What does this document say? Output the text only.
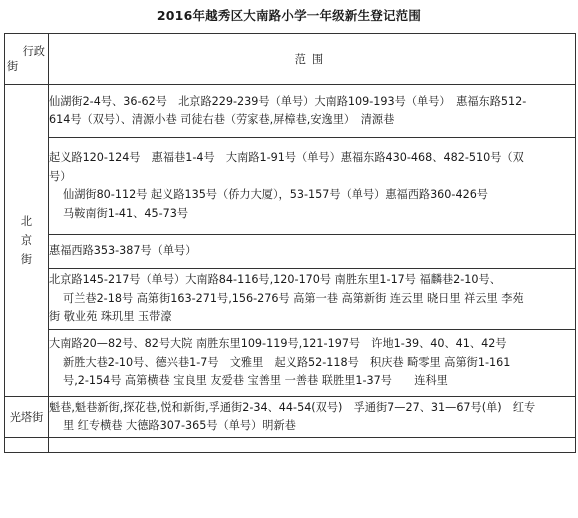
2016年越秀区大南路小学一年级新生登记范围
行政
街	范围

北
京
街	仙湖街2-4号、36-62号　北京路229-239号（单号）大南路109-193号（单号）　惠福东路512-
614号（双号）、清源小巷 司徒右巷（劳家巷,屏樟巷,安逸里）　清源巷

	起义路120-124号　惠福巷1-4号　大南路1-91号（单号）惠福东路430-468、482-510号（双
号）
仙湖街80-112号 起义路135号（侨力大厦），53-157号（单号）惠福西路360-426号
马鞍南街1-41、45-73号

	惠福西路353-387号（单号）

	北京路145-217号（单号）大南路84-116号,120-170号 南胜东里1-17号 福麟巷2-10号、
可兰巷2-18号 高第街163-271号,156-276号 高第一巷 高第新街 连云里 晓日里 祥云里 李苑
街 敬业苑 珠玑里 玉带濠

	大南路20—82号、82号大院 南胜东里109-119号,121-197号　许地1-39、40、41、42号
新胜大巷2-10号、德兴巷1-7号　文雅里　起义路52-118号　积庆巷 畸零里 高第街1-161
号,2-154号 高第横巷 宝良里 友爱巷 宝善里 一善巷 联胜里1-37号　　连科里

光塔街	魁巷,魁巷新街,探花巷,悦和新街,孚通街2-34、44-54(双号)　孚通街7—27、31—67号(单)　红专
里 红专横巷 大德路307-365号（单号）明新巷
